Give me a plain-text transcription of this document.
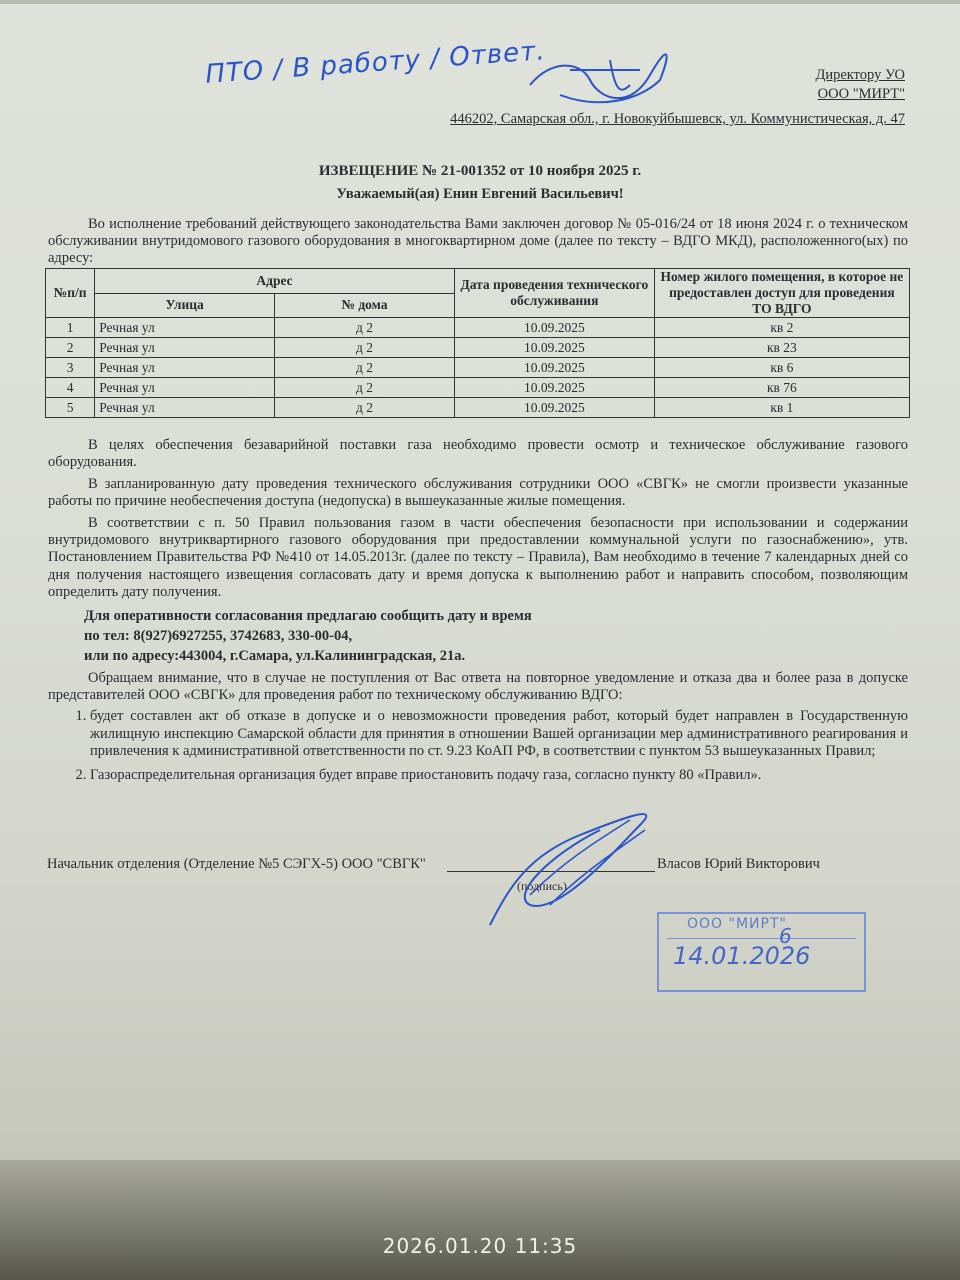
ПТО / В работу / Ответ.	Директору УО
ООО "МИРТ"
446202, Самарская обл., г. Новокуйбышевск, ул. Коммунистическая, д. 47
ИЗВЕЩЕНИЕ № 21-001352 от 10 ноября 2025 г.
Уважаемый(ая) Енин Евгений Васильевич!
Во исполнение требований действующего законодательства Вами заключен договор № 05-016/24 от 18 июня 2024 г. о техническом обслуживании внутридомового газового оборудования в многоквартирном доме (далее по тексту – ВДГО МКД), расположенного(ых) по адресу:
№п/п	Адрес		Дата проведения технического обслуживания	Номер жилого помещения, в которое не предоставлен доступ для проведения ТО ВДГО
	Улица	№ дома		
1	Речная ул	д 2	10.09.2025	кв 2
2	Речная ул	д 2	10.09.2025	кв 23
3	Речная ул	д 2	10.09.2025	кв 6
4	Речная ул	д 2	10.09.2025	кв 76
5	Речная ул	д 2	10.09.2025	кв 1

В целях обеспечения безаварийной поставки газа необходимо провести осмотр и техническое обслуживание газового оборудования.

В запланированную дату проведения технического обслуживания сотрудники ООО «СВГК» не смогли произвести указанные работы по причине необеспечения доступа (недопуска) в вышеуказанные жилые помещения.

В соответствии с п. 50 Правил пользования газом в части обеспечения безопасности при использовании и содержании внутридомового внутриквартирного газового оборудования при предоставлении коммунальной услуги по газоснабжению», утв. Постановлением Правительства РФ №410 от 14.05.2013г. (далее по тексту – Правила), Вам необходимо в течение 7 календарных дней со дня получения настоящего извещения согласовать дату и время допуска к выполнению работ и направить способом, позволяющим определить дату получения.

Для оперативности согласования предлагаю сообщить дату и время

по тел: 8(927)6927255, 3742683, 330-00-04,

или по адресу:443004, г.Самара, ул.Калининградская, 21а.

Обращаем внимание, что в случае не поступления от Вас ответа на повторное уведомление и отказа два и более раза в допуске представителей ООО «СВГК» для проведения работ по техническому обслуживанию ВДГО:

1. будет составлен акт об отказе в допуске и о невозможности проведения работ, который будет направлен в Государственную жилищную инспекцию Самарской области для принятия в отношении Вашей организации мер административного реагирования и привлечения к административной ответственности по ст. 9.23 КоАП РФ, в соответствии с пунктом 53 вышеуказанных Правил;
2. Газораспределительная организация будет вправе приостановить подачу газа, согласно пункту 80 «Правил».
Начальник отделения (Отделение №5 СЭГХ-5) ООО "СВГК"
(подпись)
Власов Юрий Викторович
ООО "МИРТ"
6
14.01.2026
2026.01.20 11:35
